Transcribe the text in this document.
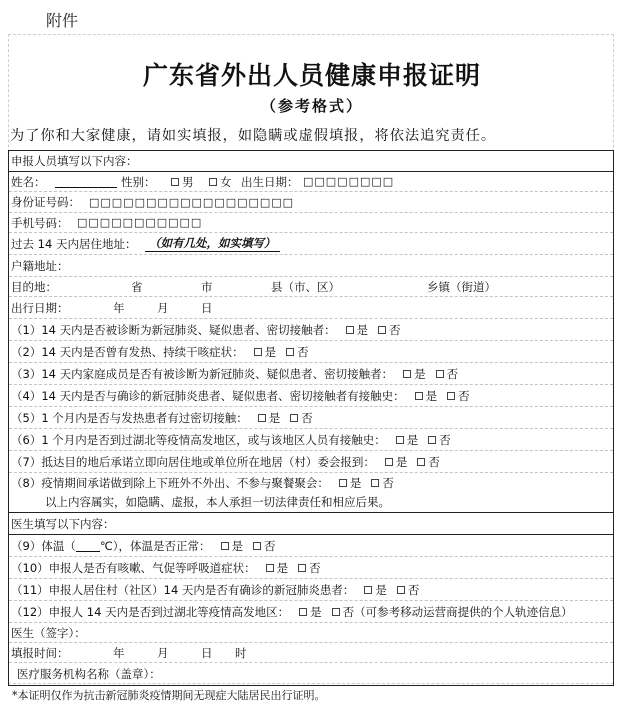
附件
广东省外出人员健康申报证明
（参考格式）
为了你和大家健康，请如实填报，如隐瞒或虚假填报，将依法追究责任。
申报人员填写以下内容：
姓名：	性别： 男 女 出生日期： □□□□□□□□
身份证号码： □□□□□□□□□□□□□□□□□□
手机号码： □□□□□□□□□□□
过去 14 天内居住地址：	（如有几处，如实填写）
户籍地址：
目的地：	省	市	县（市、区）	乡镇（街道）
出行日期：	年	月	日
（1）14 天内是否被诊断为新冠肺炎、疑似患者、密切接触者： 是 否
（2）14 天内是否曾有发热、持续干咳症状： 是 否
（3）14 天内家庭成员是否有被诊断为新冠肺炎、疑似患者、密切接触者： 是 否
（4）14 天内是否与确诊的新冠肺炎患者、疑似患者、密切接触者有接触史： 是 否
（5）1 个月内是否与发热患者有过密切接触： 是 否
（6）1 个月内是否到过湖北等疫情高发地区，或与该地区人员有接触史： 是 否
（7）抵达目的地后承诺立即向居住地或单位所在地居（村）委会报到： 是 否
（8）疫情期间承诺做到除上下班外不外出、不参与聚餐聚会： 是 否
以上内容属实，如隐瞒、虚报，本人承担一切法律责任和相应后果。
医生填写以下内容：
（9）体温（ ℃），体温是否正常： 是 否
（10）申报人是否有咳嗽、气促等呼吸道症状： 是 否
（11）申报人居住村（社区）14 天内是否有确诊的新冠肺炎患者： 是 否
（12）申报人 14 天内是否到过湖北等疫情高发地区： 是 否 （可参考移动运营商提供的个人轨迹信息）
医生（签字）：
填报时间：	年	月	日 时
医疗服务机构名称（盖章）：
*本证明仅作为抗击新冠肺炎疫情期间无现症大陆居民出行证明。
